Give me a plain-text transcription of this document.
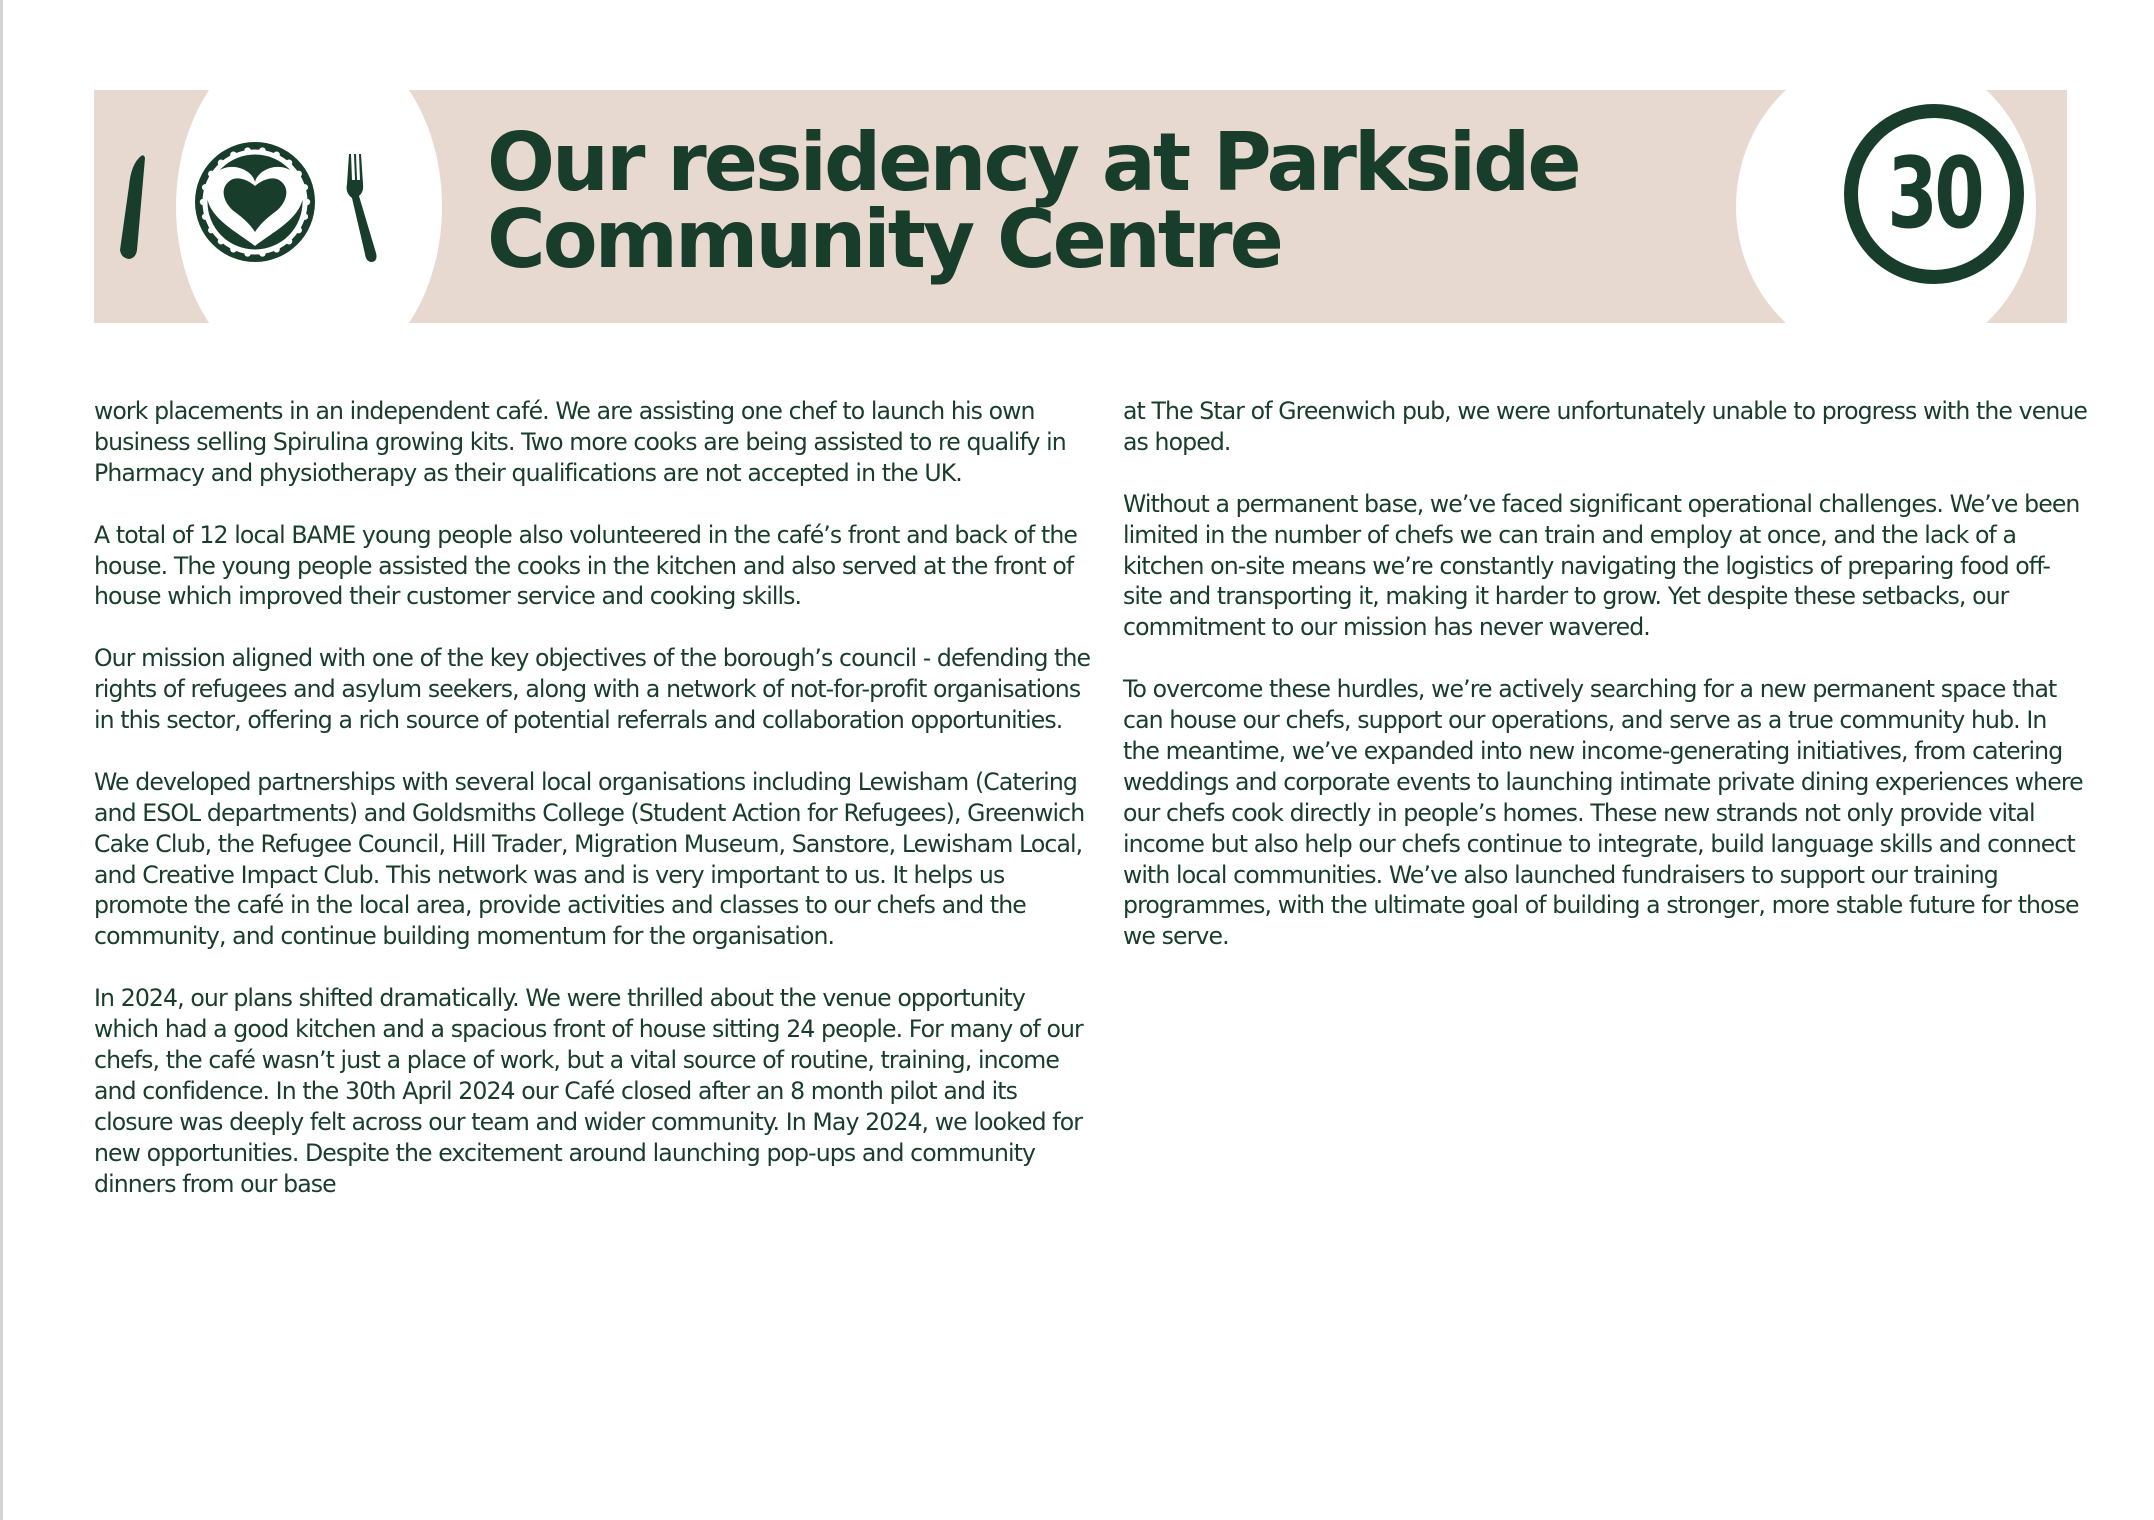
Our residency at Parkside
Community Centre	30

work placements in an independent café. We are assisting one chef to launch his own business selling Spirulina growing kits. Two more cooks are being assisted to re qualify in Pharmacy and physiotherapy as their qualifications are not accepted in the UK.

A total of 12 local BAME young people also volunteered in the café’s front and back of the house. The young people assisted the cooks in the kitchen and also served at the front of house which improved their customer service and cooking skills.

Our mission aligned with one of the key objectives of the borough’s council - defending the rights of refugees and asylum seekers, along with a network of not-for-profit organisations in this sector, offering a rich source of potential referrals and collaboration opportunities.

We developed partnerships with several local organisations including Lewisham (Catering and ESOL departments) and Goldsmiths College (Student Action for Refugees), Greenwich Cake Club, the Refugee Council, Hill Trader, Migration Museum, Sanstore, Lewisham Local, and Creative Impact Club. This network was and is very important to us. It helps us promote the café in the local area, provide activities and classes to our chefs and the community, and continue building momentum for the organisation.

In 2024, our plans shifted dramatically. We were thrilled about the venue opportunity which had a good kitchen and a spacious front of house sitting 24 people. For many of our chefs, the café wasn’t just a place of work, but a vital source of routine, training, income and confidence. In the 30th April 2024 our Café closed after an 8 month pilot and its closure was deeply felt across our team and wider community. In May 2024, we looked for new opportunities. Despite the excitement around launching pop-ups and community dinners from our base

at The Star of Greenwich pub, we were unfortunately unable to progress with the venue as hoped.

Without a permanent base, we’ve faced significant operational challenges. We’ve been limited in the number of chefs we can train and employ at once, and the lack of a kitchen on-site means we’re constantly navigating the logistics of preparing food off-site and transporting it, making it harder to grow. Yet despite these setbacks, our commitment to our mission has never wavered.

To overcome these hurdles, we’re actively searching for a new permanent space that can house our chefs, support our operations, and serve as a true community hub. In the meantime, we’ve expanded into new income-generating initiatives, from catering weddings and corporate events to launching intimate private dining experiences where our chefs cook directly in people’s homes. These new strands not only provide vital income but also help our chefs continue to integrate, build language skills and connect with local communities. We’ve also launched fundraisers to support our training programmes, with the ultimate goal of building a stronger, more stable future for those we serve.
